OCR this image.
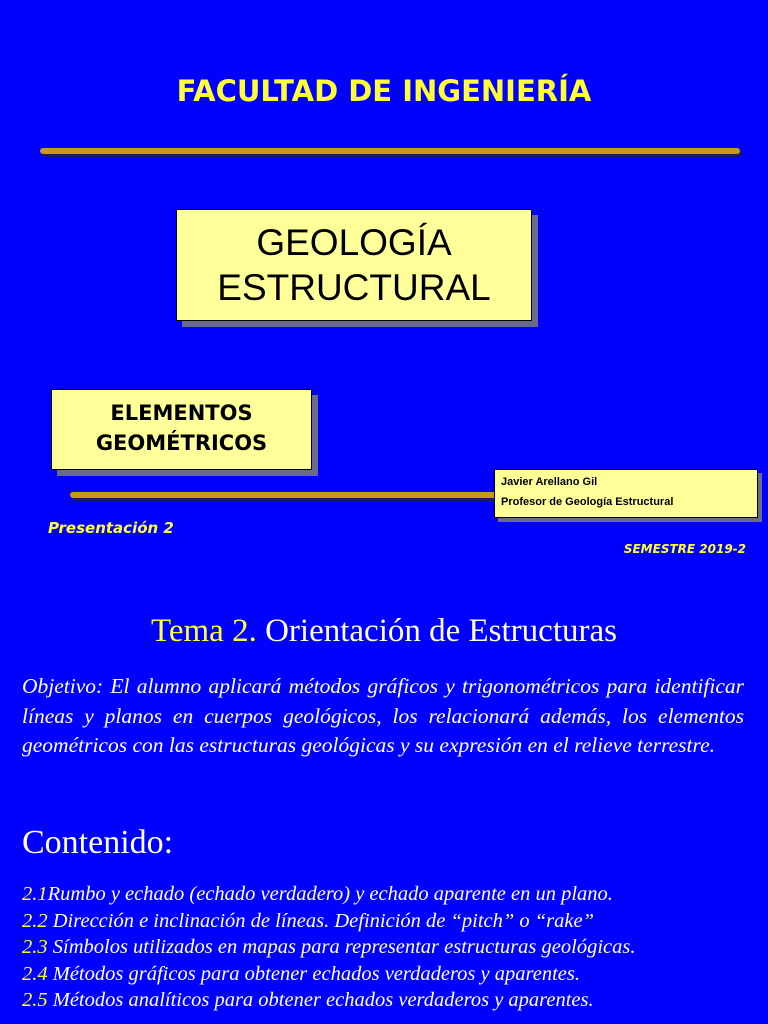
FACULTAD DE INGENIERÍA
GEOLOGÍA
ESTRUCTURAL
ELEMENTOS
GEOMÉTRICOS
Javier Arellano Gil
Profesor de Geología Estructural
Presentación 2
SEMESTRE 2019-2
Tema 2. Orientación de Estructuras
Objetivo: El alumno aplicará métodos gráficos y trigonométricos para identificar líneas y planos en cuerpos geológicos, los relacionará además, los elementos geométricos con las estructuras geológicas y su expresión en el relieve terrestre.
Contenido:
2.1Rumbo y echado (echado verdadero) y echado aparente en un plano.
2.2 Dirección e inclinación de líneas. Definición de “pitch” o “rake”
2.3 Símbolos utilizados en mapas para representar estructuras geológicas.
2.4 Métodos gráficos para obtener echados verdaderos y aparentes.
2.5 Métodos analíticos para obtener echados verdaderos y aparentes.
